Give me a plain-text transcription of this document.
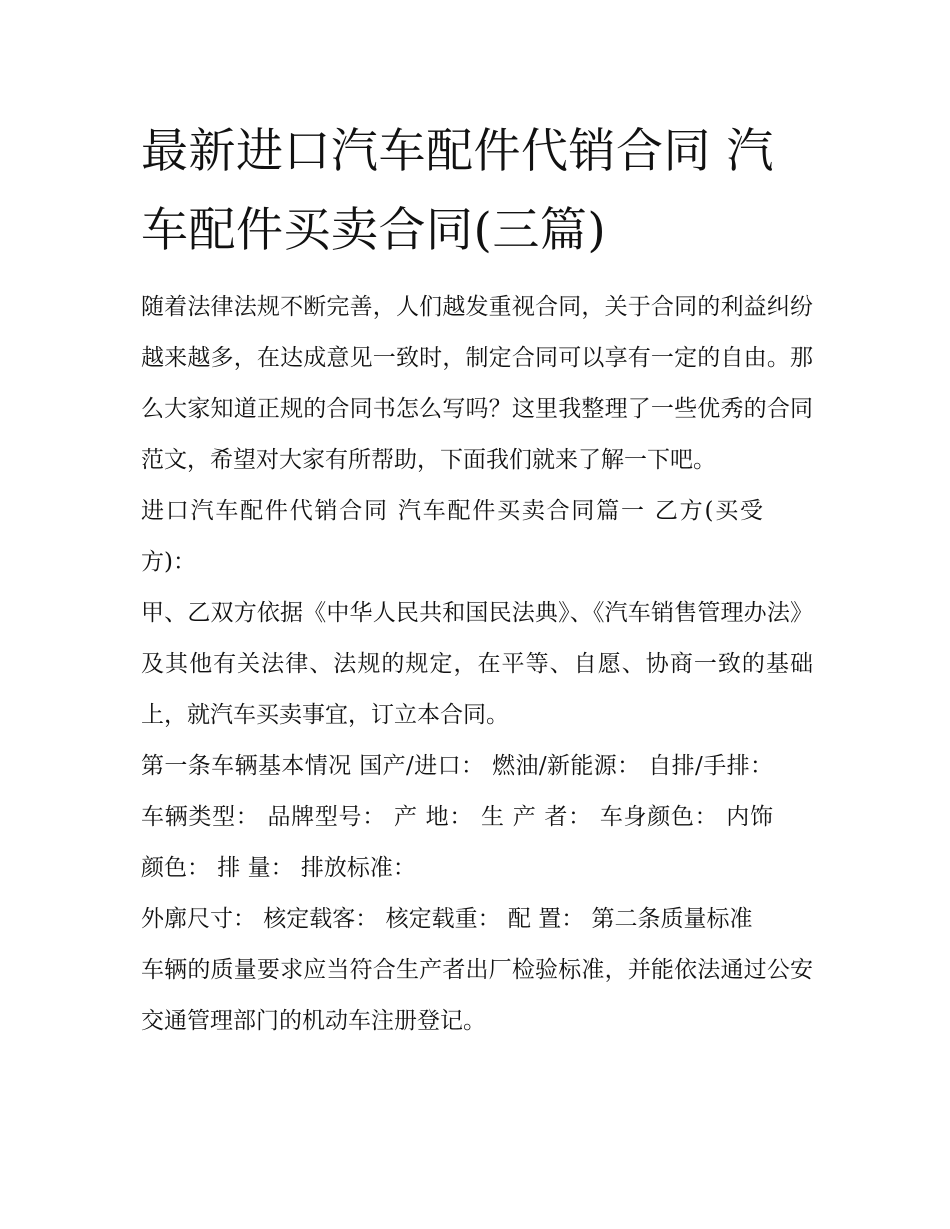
最新进口汽车配件代销合同 汽车配件买卖合同(三篇)

随着法律法规不断完善，人们越发重视合同，关于合同的利益纠纷越来越多，在达成意见一致时，制定合同可以享有一定的自由。那么大家知道正规的合同书怎么写吗？这里我整理了一些优秀的合同范文，希望对大家有所帮助，下面我们就来了解一下吧。

进口汽车配件代销合同 汽车配件买卖合同篇一 乙方(买受方)：

甲、乙双方依据《中华人民共和国民法典》、《汽车销售管理办法》及其他有关法律、法规的规定，在平等、自愿、协商一致的基础上，就汽车买卖事宜，订立本合同。

第一条车辆基本情况 国产/进口： 燃油/新能源： 自排/手排： 车辆类型： 品牌型号： 产 地： 生 产 者： 车身颜色： 内饰颜色： 排 量： 排放标准：

外廓尺寸： 核定载客： 核定载重： 配 置： 第二条质量标准

车辆的质量要求应当符合生产者出厂检验标准，并能依法通过公安交通管理部门的机动车注册登记。
